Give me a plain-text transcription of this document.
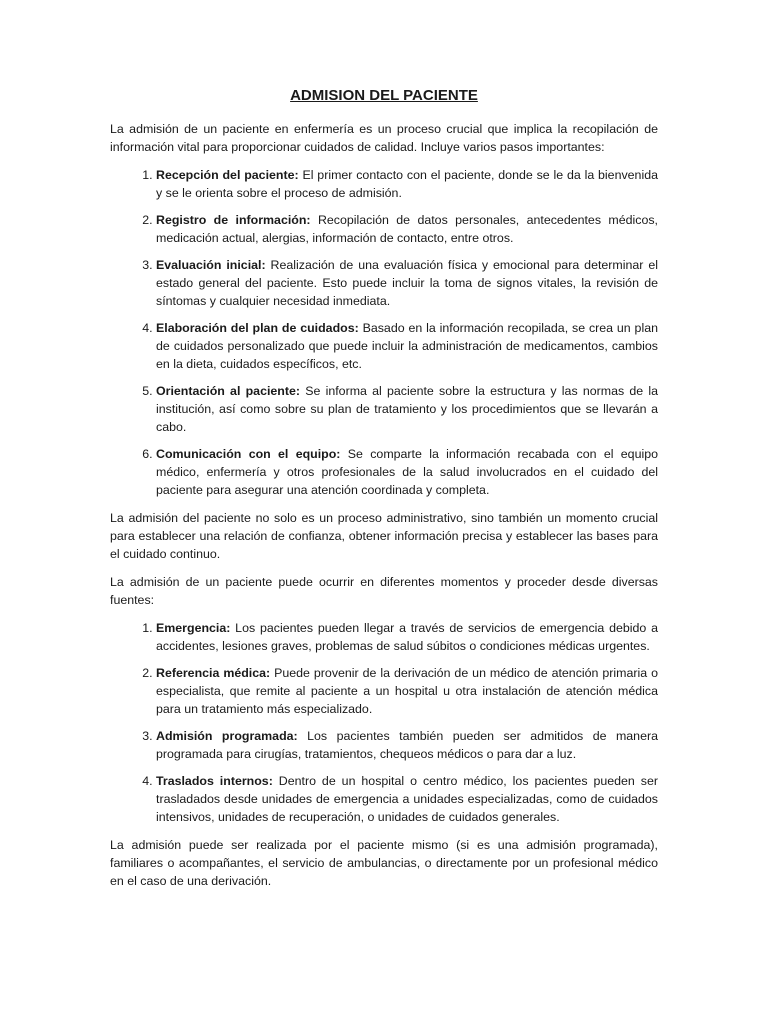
ADMISION DEL PACIENTE

La admisión de un paciente en enfermería es un proceso crucial que implica la recopilación de información vital para proporcionar cuidados de calidad. Incluye varios pasos importantes:

1. Recepción del paciente: El primer contacto con el paciente, donde se le da la bienvenida y se le orienta sobre el proceso de admisión.
2. Registro de información: Recopilación de datos personales, antecedentes médicos, medicación actual, alergias, información de contacto, entre otros.
3. Evaluación inicial: Realización de una evaluación física y emocional para determinar el estado general del paciente. Esto puede incluir la toma de signos vitales, la revisión de síntomas y cualquier necesidad inmediata.
4. Elaboración del plan de cuidados: Basado en la información recopilada, se crea un plan de cuidados personalizado que puede incluir la administración de medicamentos, cambios en la dieta, cuidados específicos, etc.
5. Orientación al paciente: Se informa al paciente sobre la estructura y las normas de la institución, así como sobre su plan de tratamiento y los procedimientos que se llevarán a cabo.
6. Comunicación con el equipo: Se comparte la información recabada con el equipo médico, enfermería y otros profesionales de la salud involucrados en el cuidado del paciente para asegurar una atención coordinada y completa.

La admisión del paciente no solo es un proceso administrativo, sino también un momento crucial para establecer una relación de confianza, obtener información precisa y establecer las bases para el cuidado continuo.

La admisión de un paciente puede ocurrir en diferentes momentos y proceder desde diversas fuentes:

1. Emergencia: Los pacientes pueden llegar a través de servicios de emergencia debido a accidentes, lesiones graves, problemas de salud súbitos o condiciones médicas urgentes.
2. Referencia médica: Puede provenir de la derivación de un médico de atención primaria o especialista, que remite al paciente a un hospital u otra instalación de atención médica para un tratamiento más especializado.
3. Admisión programada: Los pacientes también pueden ser admitidos de manera programada para cirugías, tratamientos, chequeos médicos o para dar a luz.
4. Traslados internos: Dentro de un hospital o centro médico, los pacientes pueden ser trasladados desde unidades de emergencia a unidades especializadas, como de cuidados intensivos, unidades de recuperación, o unidades de cuidados generales.

La admisión puede ser realizada por el paciente mismo (si es una admisión programada), familiares o acompañantes, el servicio de ambulancias, o directamente por un profesional médico en el caso de una derivación.
